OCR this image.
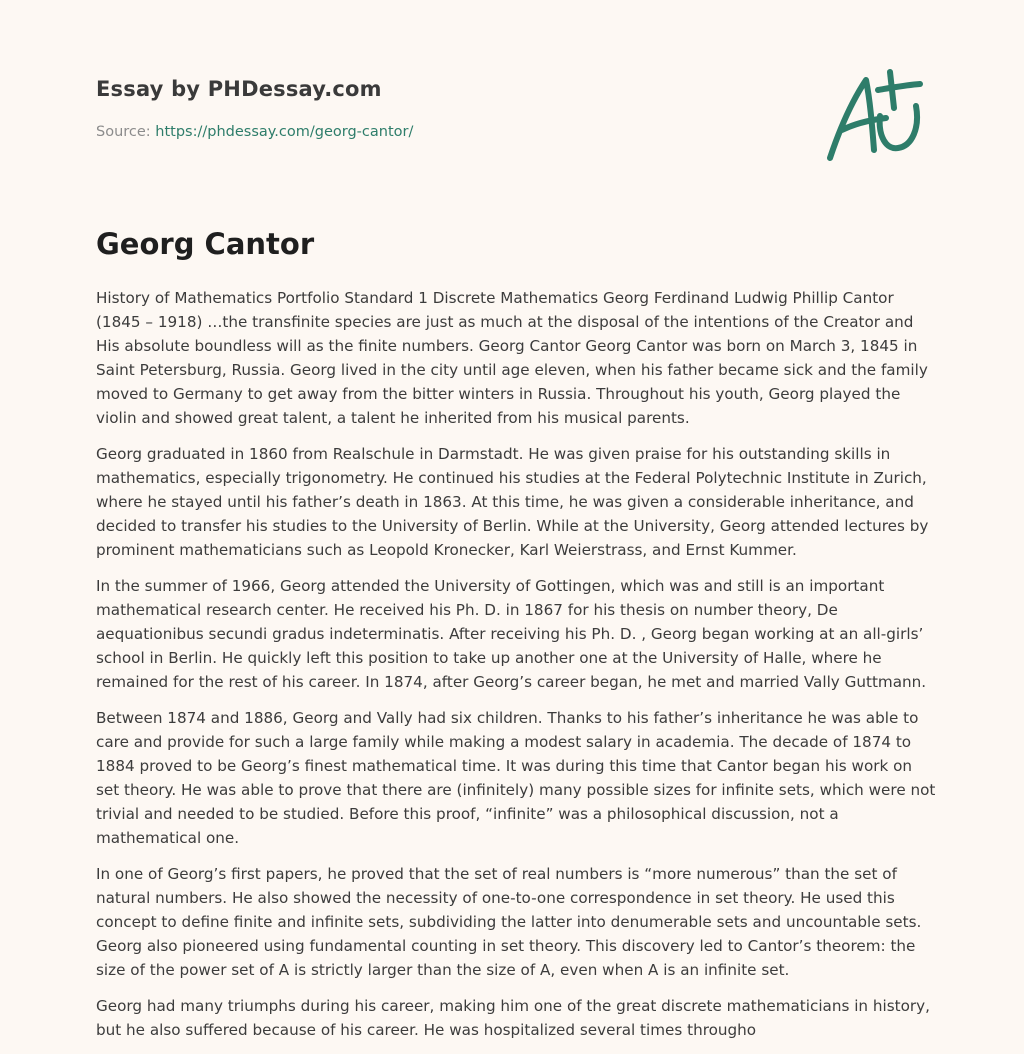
Essay by PHDessay.com
Source: https://phdessay.com/georg-cantor/
Georg Cantor

History of Mathematics Portfolio Standard 1 Discrete Mathematics Georg Ferdinand Ludwig Phillip Cantor (1845 – 1918) …the transfinite species are just as much at the disposal of the intentions of the Creator and His absolute boundless will as the finite numbers. Georg Cantor Georg Cantor was born on March 3, 1845 in Saint Petersburg, Russia. Georg lived in the city until age eleven, when his father became sick and the family moved to Germany to get away from the bitter winters in Russia. Throughout his youth, Georg played the violin and showed great talent, a talent he inherited from his musical parents.

Georg graduated in 1860 from Realschule in Darmstadt. He was given praise for his outstanding skills in mathematics, especially trigonometry. He continued his studies at the Federal Polytechnic Institute in Zurich, where he stayed until his father’s death in 1863. At this time, he was given a considerable inheritance, and decided to transfer his studies to the University of Berlin. While at the University, Georg attended lectures by prominent mathematicians such as Leopold Kronecker, Karl Weierstrass, and Ernst Kummer.

In the summer of 1966, Georg attended the University of Gottingen, which was and still is an important mathematical research center. He received his Ph. D. in 1867 for his thesis on number theory, De aequationibus secundi gradus indeterminatis. After receiving his Ph. D. , Georg began working at an all-girls’ school in Berlin. He quickly left this position to take up another one at the University of Halle, where he remained for the rest of his career. In 1874, after Georg’s career began, he met and married Vally Guttmann.

Between 1874 and 1886, Georg and Vally had six children. Thanks to his father’s inheritance he was able to care and provide for such a large family while making a modest salary in academia. The decade of 1874 to 1884 proved to be Georg’s finest mathematical time. It was during this time that Cantor began his work on set theory. He was able to prove that there are (infinitely) many possible sizes for infinite sets, which were not trivial and needed to be studied. Before this proof, “infinite” was a philosophical discussion, not a mathematical one.

In one of Georg’s first papers, he proved that the set of real numbers is “more numerous” than the set of natural numbers. He also showed the necessity of one-to-one correspondence in set theory. He used this concept to define finite and infinite sets, subdividing the latter into denumerable sets and uncountable sets. Georg also pioneered using fundamental counting in set theory. This discovery led to Cantor’s theorem: the size of the power set of A is strictly larger than the size of A, even when A is an infinite set.

Georg had many triumphs during his career, making him one of the great discrete mathematicians in history, but he also suffered because of his career. He was hospitalized several times througho
